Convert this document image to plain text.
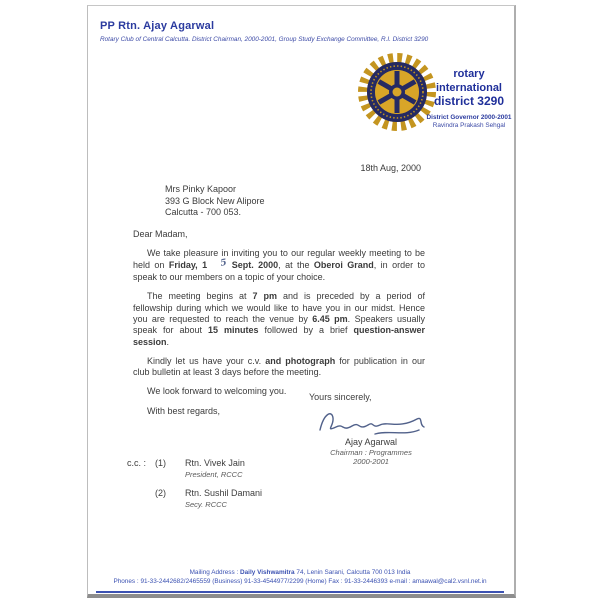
PP Rtn. Ajay Agarwal
Rotary Club of Central Calcutta. District Chairman, 2000-2001, Group Study Exchange Committee, R.I. District 3290
rotary
international
district 3290
District Governor 2000-2001
Ravindra Prakash Sehgal
18th Aug, 2000
Mrs Pinky Kapoor
393 G Block New Alipore
Calcutta - 700 053.
Dear Madam,

We take pleasure in inviting you to our regular weekly meeting to be held on Friday, 1 5 Sept. 2000, at the Oberoi Grand, in order to speak to our members on a topic of your choice.

The meeting begins at 7 pm and is preceded by a period of fellowship during which we would like to have you in our midst. Hence you are requested to reach the venue by 6.45 pm. Speakers usually speak for about 15 minutes followed by a brief question-answer session.

Kindly let us have your c.v. and photograph for publication in our club bulletin at least 3 days before the meeting.

We look forward to welcoming you.

With best regards,

Yours sincerely,
Ajay Agarwal
Chairman : Programmes
2000-2001
c.c. : (1)	Rtn. Vivek Jain
President, RCCC
(2)	Rtn. Sushil Damani
Secy. RCCC
Mailing Address : Daily Vishwamitra 74, Lenin Sarani, Calcutta 700 013 India
Phones : 91-33-2442682/2465559 (Business) 91-33-4544977/2299 (Home) Fax : 91-33-2446393 e-mail : amaawal@cal2.vsnl.net.in
